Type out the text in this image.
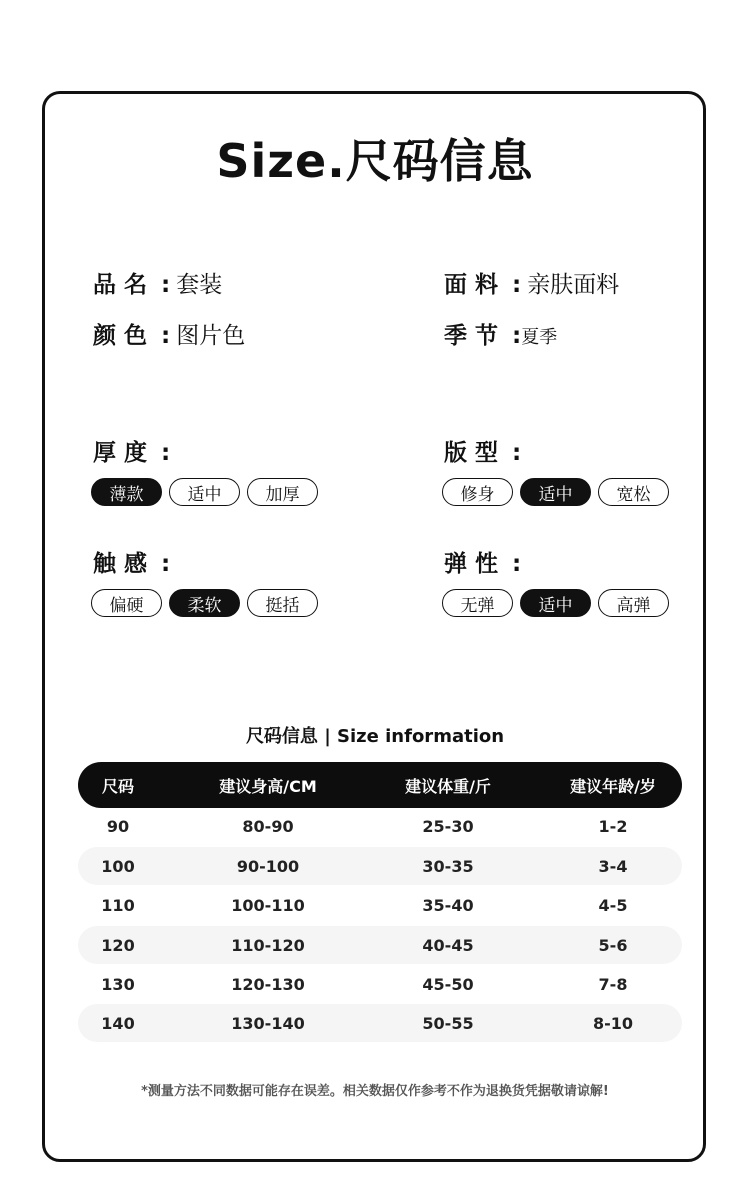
Size.尺码信息
品 名 : 套装
颜 色 : 图片色
面 料 : 亲肤面料
季 节 :夏季
厚 度 :
薄款	适中	加厚
版 型 :
修身	适中	宽松
触 感 :
偏硬	柔软	挺括
弹 性 :
无弹	适中	高弹
尺码信息 | Size information
尺码	建议身高/CM	建议体重/斤	建议年龄/岁
90	80-90	25-30	1-2
100	90-100	30-35	3-4
110	100-110	35-40	4-5
120	110-120	40-45	5-6
130	120-130	45-50	7-8
140	130-140	50-55	8-10
*测量方法不同数据可能存在误差。相关数据仅作参考不作为退换货凭据敬请谅解!
